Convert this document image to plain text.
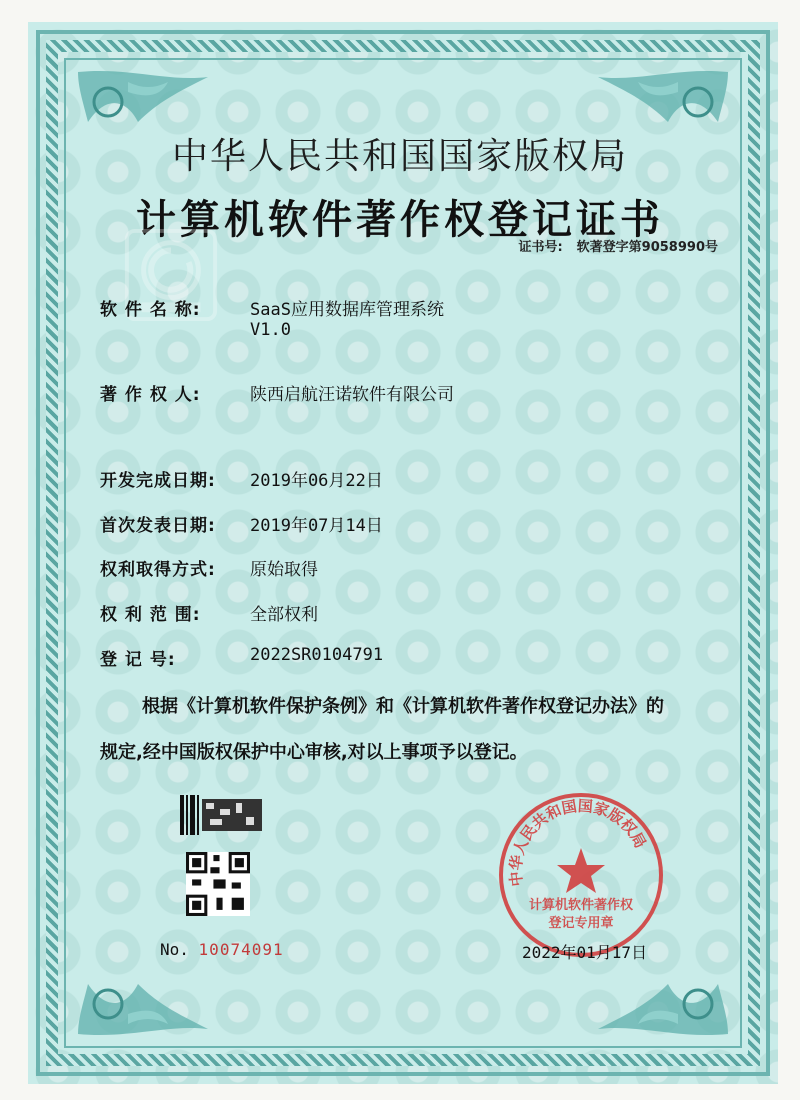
中华人民共和国国家版权局
计算机软件著作权登记证书
证书号: 软著登字第9058990号
软 件 名 称:	SaaS应用数据库管理系统
V1.0
著 作 权 人:	陕西启航汪诺软件有限公司
开发完成日期: 2019年06月22日
首次发表日期: 2019年07月14日
权利取得方式: 原始取得
权 利 范 围:	全部权利
登 记 号:	2022SR0104791
根据《计算机软件保护条例》和《计算机软件著作权登记办法》的
规定,经中国版权保护中心审核,对以上事项予以登记。
No. 10074091
中华人民共和国国家版权局
计算机软件著作权
登记专用章
2022年01月17日
